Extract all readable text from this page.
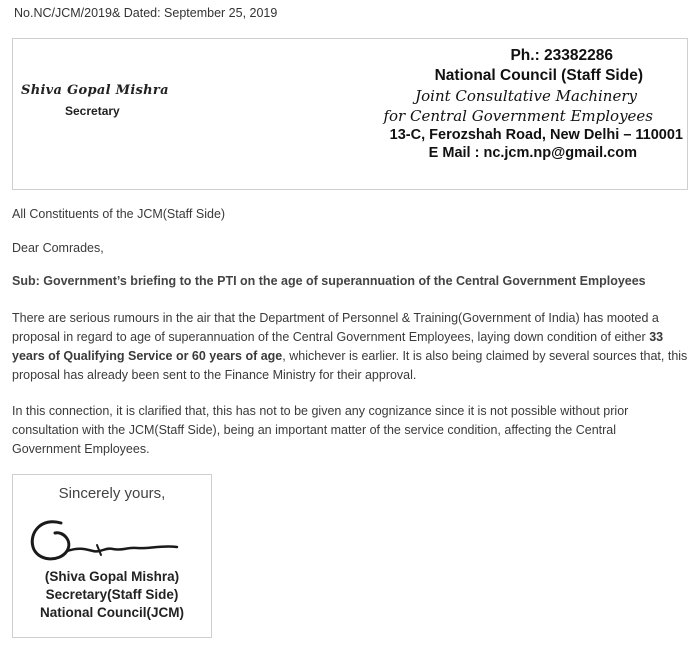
No.NC/JCM/2019& Dated: September 25, 2019
Shiva Gopal Mishra
Secretary
Ph.: 23382286
National Council (Staff Side)
Joint Consultative Machinery
for Central Government Employees
13-C, Ferozshah Road, New Delhi – 110001
E Mail : nc.jcm.np@gmail.com
All Constituents of the JCM(Staff Side)
Dear Comrades,
Sub: Government’s briefing to the PTI on the age of superannuation of the Central Government Employees
There are serious rumours in the air that the Department of Personnel & Training(Government of India) has mooted a proposal in regard to age of superannuation of the Central Government Employees, laying down condition of either 33 years of Qualifying Service or 60 years of age, whichever is earlier. It is also being claimed by several sources that, this proposal has already been sent to the Finance Ministry for their approval.
In this connection, it is clarified that, this has not to be given any cognizance since it is not possible without prior consultation with the JCM(Staff Side), being an important matter of the service condition, affecting the Central Government Employees.
Sincerely yours,
(Shiva Gopal Mishra)
Secretary(Staff Side)
National Council(JCM)
